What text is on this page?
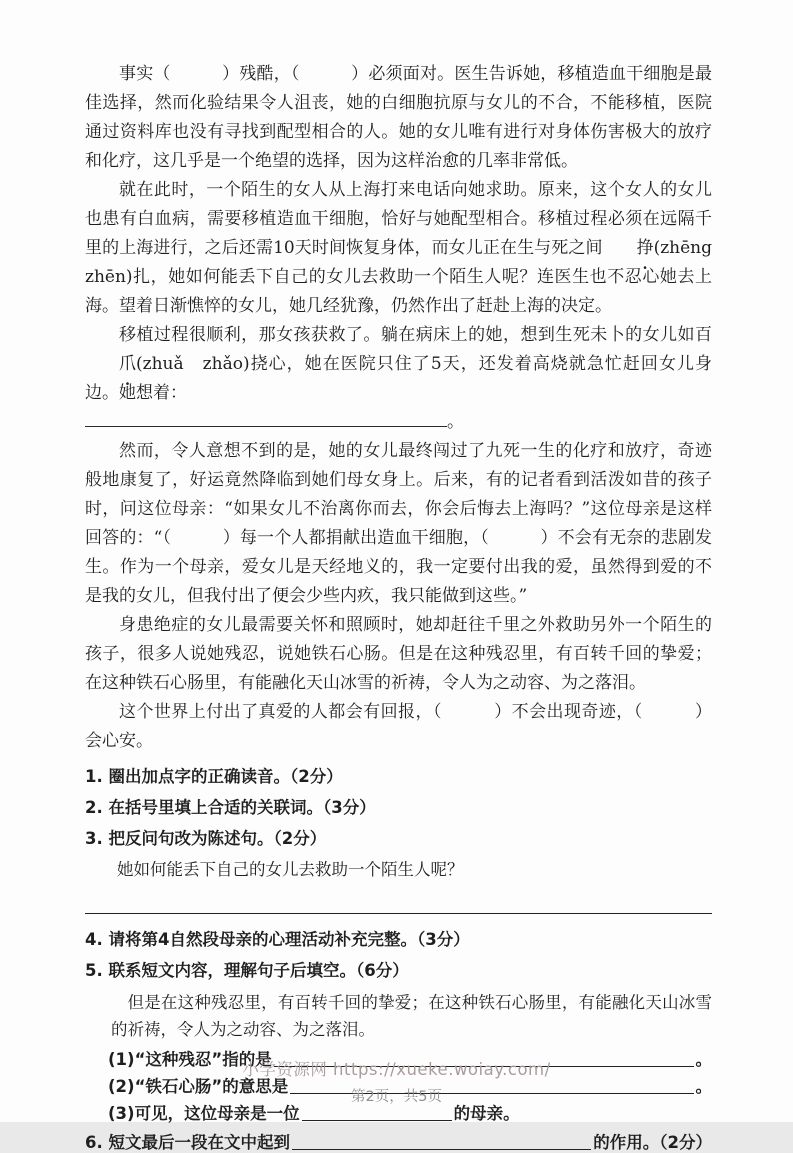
事实（　　　）残酷，（　　　）必须面对。医生告诉她，移植造血干细胞是最佳选择，然而化验结果令人沮丧，她的白细胞抗原与女儿的不合，不能移植，医院通过资料库也没有寻找到配型相合的人。她的女儿唯有进行对身体伤害极大的放疗和化疗，这几乎是一个绝望的选择，因为这样治愈的几率非常低。

就在此时，一个陌生的女人从上海打来电话向她求助。原来，这个女人的女儿也患有白血病，需要移植造血干细胞，恰好与她配型相合。移植过程必须在远隔千里的上海进行，之后还需10天时间恢复身体，而女儿正在生与死之间 挣(zhēng　zhēn)扎，她如何能丢下自己的女儿去救助一个陌生人呢？连医生也不忍心她去上海。望着日渐憔悴的女儿，她几经犹豫，仍然作出了赶赴上海的决定。

移植过程很顺利，那女孩获救了。躺在病床上的她，想到生死未卜的女儿如百爪(zhuǎ　zhǎo)挠心，她在医院只住了5天，还发着高烧就急忙赶回女儿身边。她想着：

。

然而，令人意想不到的是，她的女儿最终闯过了九死一生的化疗和放疗，奇迹般地康复了，好运竟然降临到她们母女身上。后来，有的记者看到活泼如昔的孩子时，问这位母亲：“如果女儿不治离你而去，你会后悔去上海吗？”这位母亲是这样回答的：“（　　　）每一个人都捐献出造血干细胞，（　　　）不会有无奈的悲剧发生。作为一个母亲，爱女儿是天经地义的，我一定要付出我的爱，虽然得到爱的不是我的女儿，但我付出了便会少些内疚，我只能做到这些。”

身患绝症的女儿最需要关怀和照顾时，她却赶往千里之外救助另外一个陌生的孩子，很多人说她残忍，说她铁石心肠。但是在这种残忍里，有百转千回的挚爱；在这种铁石心肠里，有能融化天山冰雪的祈祷，令人为之动容、为之落泪。

这个世界上付出了真爱的人都会有回报，（　　　）不会出现奇迹，（　　　）会心安。

1. 圈出加点字的正确读音。（2分）
2. 在括号里填上合适的关联词。（3分）
3. 把反问句改为陈述句。（2分）
她如何能丢下自己的女儿去救助一个陌生人呢？
4. 请将第4自然段母亲的心理活动补充完整。（3分）
5. 联系短文内容，理解句子后填空。（6分）
但是在这种残忍里，有百转千回的挚爱；在这种铁石心肠里，有能融化天山冰雪的祈祷，令人为之动容、为之落泪。
(1)“这种残忍”指的是	。
(2)“铁石心肠”的意思是	。
(3)可见，这位母亲是一位	的母亲。
6. 短文最后一段在文中起到	的作用。（2分）
小学资源网 https://xueke.woiay.com/
第2页，共5页
